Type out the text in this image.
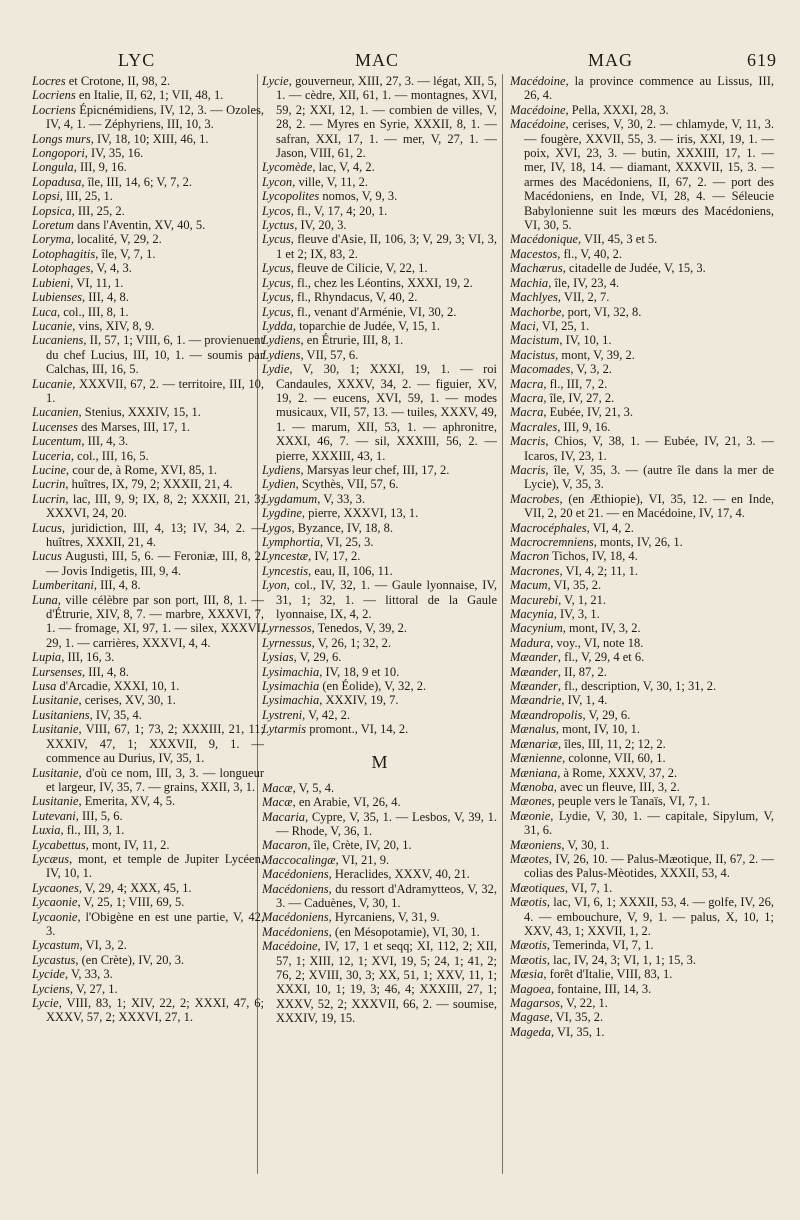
LYC	MAC	MAG	619

Locres et Crotone, II, 98, 2.

Locriens en Italie, II, 62, 1; VII, 48, 1.

Locriens Épicnémidiens, IV, 12, 3. — Ozoles, IV, 4, 1. — Zéphyriens, III, 10, 3.

Longs murs, IV, 18, 10; XIII, 46, 1.

Longopori, IV, 35, 16.

Longula, III, 9, 16.

Lopadusa, île, III, 14, 6; V, 7, 2.

Lopsi, III, 25, 1.

Lopsica, III, 25, 2.

Loretum dans l'Aventin, XV, 40, 5.

Loryma, localité, V, 29, 2.

Lotophagitis, île, V, 7, 1.

Lotophages, V, 4, 3.

Lubieni, VI, 11, 1.

Lubienses, III, 4, 8.

Luca, col., III, 8, 1.

Lucanie, vins, XIV, 8, 9.

Lucaniens, II, 57, 1; VIII, 6, 1. — provienuent du chef Lucius, III, 10, 1. — soumis par Calchas, III, 16, 5.

Lucanie, XXXVII, 67, 2. — territoire, III, 10, 1.

Lucanien, Stenius, XXXIV, 15, 1.

Lucenses des Marses, III, 17, 1.

Lucentum, III, 4, 3.

Luceria, col., III, 16, 5.

Lucine, cour de, à Rome, XVI, 85, 1.

Lucrin, huîtres, IX, 79, 2; XXXII, 21, 4.

Lucrin, lac, III, 9, 9; IX, 8, 2; XXXII, 21, 3; XXXVI, 24, 20.

Lucus, juridiction, III, 4, 13; IV, 34, 2. — huîtres, XXXII, 21, 4.

Lucus Augusti, III, 5, 6. — Feroniæ, III, 8, 2. — Jovis Indigetis, III, 9, 4.

Lumberitani, III, 4, 8.

Luna, ville célèbre par son port, III, 8, 1. — d'Étrurie, XIV, 8, 7. — marbre, XXXVI, 7, 1. — fromage, XI, 97, 1. — silex, XXXVI, 29, 1. — carrières, XXXVI, 4, 4.

Lupia, III, 16, 3.

Lursenses, III, 4, 8.

Lusa d'Arcadie, XXXI, 10, 1.

Lusitanie, cerises, XV, 30, 1.

Lusitaniens, IV, 35, 4.

Lusitanie, VIII, 67, 1; 73, 2; XXXIII, 21, 11; XXXIV, 47, 1; XXXVII, 9, 1. — commence au Durius, IV, 35, 1.

Lusitanie, d'où ce nom, III, 3, 3. — longueur et largeur, IV, 35, 7. — grains, XXII, 3, 1.

Lusitanie, Emerita, XV, 4, 5.

Lutevani, III, 5, 6.

Luxia, fl., III, 3, 1.

Lycabettus, mont, IV, 11, 2.

Lycæus, mont, et temple de Jupiter Lycéen, IV, 10, 1.

Lycaones, V, 29, 4; XXX, 45, 1.

Lycaonie, V, 25, 1; VIII, 69, 5.

Lycaonie, l'Obigène en est une partie, V, 42, 3.

Lycastum, VI, 3, 2.

Lycastus, (en Crète), IV, 20, 3.

Lycide, V, 33, 3.

Lyciens, V, 27, 1.

Lycie, VIII, 83, 1; XIV, 22, 2; XXXI, 47, 6; XXXV, 57, 2; XXXVI, 27, 1.

Lycie, gouverneur, XIII, 27, 3. — légat, XII, 5, 1. — cèdre, XII, 61, 1. — montagnes, XVI, 59, 2; XXI, 12, 1. — combien de villes, V, 28, 2. — Myres en Syrie, XXXII, 8, 1. — safran, XXI, 17, 1. — mer, V, 27, 1. — Jason, VIII, 61, 2.

Lycomède, lac, V, 4, 2.

Lycon, ville, V, 11, 2.

Lycopolites nomos, V, 9, 3.

Lycos, fl., V, 17, 4; 20, 1.

Lyctus, IV, 20, 3.

Lycus, fleuve d'Asie, II, 106, 3; V, 29, 3; VI, 3, 1 et 2; IX, 83, 2.

Lycus, fleuve de Cilicie, V, 22, 1.

Lycus, fl., chez les Léontins, XXXI, 19, 2.

Lycus, fl., Rhyndacus, V, 40, 2.

Lycus, fl., venant d'Arménie, VI, 30, 2.

Lydda, toparchie de Judée, V, 15, 1.

Lydiens, en Étrurie, III, 8, 1.

Lydiens, VII, 57, 6.

Lydie, V, 30, 1; XXXI, 19, 1. — roi Candaules, XXXV, 34, 2. — figuier, XV, 19, 2. — eucens, XVI, 59, 1. — modes musicaux, VII, 57, 13. — tuiles, XXXV, 49, 1. — marum, XII, 53, 1. — aphronitre, XXXI, 46, 7. — sil, XXXIII, 56, 2. — pierre, XXXIII, 43, 1.

Lydiens, Marsyas leur chef, III, 17, 2.

Lydien, Scythès, VII, 57, 6.

Lygdamum, V, 33, 3.

Lygdine, pierre, XXXVI, 13, 1.

Lygos, Byzance, IV, 18, 8.

Lymphortia, VI, 25, 3.

Lyncestæ, IV, 17, 2.

Lyncestis, eau, II, 106, 11.

Lyon, col., IV, 32, 1. — Gaule lyonnaise, IV, 31, 1; 32, 1. — littoral de la Gaule lyonnaise, IX, 4, 2.

Lyrnessos, Tenedos, V, 39, 2.

Lyrnessus, V, 26, 1; 32, 2.

Lysias, V, 29, 6.

Lysimachia, IV, 18, 9 et 10.

Lysimachia (en Éolide), V, 32, 2.

Lysimachia, XXXIV, 19, 7.

Lystreni, V, 42, 2.

Lytarmis promont., VI, 14, 2.

M

Macæ, V, 5, 4.

Macæ, en Arabie, VI, 26, 4.

Macaria, Cypre, V, 35, 1. — Lesbos, V, 39, 1. — Rhode, V, 36, 1.

Macaron, île, Crète, IV, 20, 1.

Maccocalingæ, VI, 21, 9.

Macédoniens, Heraclides, XXXV, 40, 21.

Macédoniens, du ressort d'Adramytteos, V, 32, 3. — Caduènes, V, 30, 1.

Macédoniens, Hyrcaniens, V, 31, 9.

Macédoniens, (en Mésopotamie), VI, 30, 1.

Macédoine, IV, 17, 1 et seqq; XI, 112, 2; XII, 57, 1; XIII, 12, 1; XVI, 19, 5; 24, 1; 41, 2; 76, 2; XVIII, 30, 3; XX, 51, 1; XXV, 11, 1; XXXI, 10, 1; 19, 3; 46, 4; XXXIII, 27, 1; XXXV, 52, 2; XXXVII, 66, 2. — soumise, XXXIV, 19, 15.

Macédoine, la province commence au Lissus, III, 26, 4.

Macédoine, Pella, XXXI, 28, 3.

Macédoine, cerises, V, 30, 2. — chlamyde, V, 11, 3. — fougère, XXVII, 55, 3. — iris, XXI, 19, 1. — poix, XVI, 23, 3. — butin, XXXIII, 17, 1. — mer, IV, 18, 14. — diamant, XXXVII, 15, 3. — armes des Macédoniens, II, 67, 2. — port des Macédoniens, en Inde, VI, 28, 4. — Séleucie Babylonienne suit les mœurs des Macédoniens, VI, 30, 5.

Macédonique, VII, 45, 3 et 5.

Macestos, fl., V, 40, 2.

Machærus, citadelle de Judée, V, 15, 3.

Machia, île, IV, 23, 4.

Machlyes, VII, 2, 7.

Machorbe, port, VI, 32, 8.

Maci, VI, 25, 1.

Macistum, IV, 10, 1.

Macistus, mont, V, 39, 2.

Macomades, V, 3, 2.

Macra, fl., III, 7, 2.

Macra, île, IV, 27, 2.

Macra, Eubée, IV, 21, 3.

Macrales, III, 9, 16.

Macris, Chios, V, 38, 1. — Eubée, IV, 21, 3. — Icaros, IV, 23, 1.

Macris, île, V, 35, 3. — (autre île dans la mer de Lycie), V, 35, 3.

Macrobes, (en Æthiopie), VI, 35, 12. — en Inde, VII, 2, 20 et 21. — en Macédoine, IV, 17, 4.

Macrocéphales, VI, 4, 2.

Macrocremniens, monts, IV, 26, 1.

Macron Tichos, IV, 18, 4.

Macrones, VI, 4, 2; 11, 1.

Macum, VI, 35, 2.

Macurebi, V, 1, 21.

Macynia, IV, 3, 1.

Macynium, mont, IV, 3, 2.

Madura, voy., VI, note 18.

Mæander, fl., V, 29, 4 et 6.

Mæander, II, 87, 2.

Mæander, fl., description, V, 30, 1; 31, 2.

Mæandrie, IV, 1, 4.

Mæandropolis, V, 29, 6.

Mænalus, mont, IV, 10, 1.

Mænariæ, îles, III, 11, 2; 12, 2.

Mænienne, colonne, VII, 60, 1.

Mæniana, à Rome, XXXV, 37, 2.

Mænoba, avec un fleuve, III, 3, 2.

Mæones, peuple vers le Tanaïs, VI, 7, 1.

Mæonie, Lydie, V, 30, 1. — capitale, Sipylum, V, 31, 6.

Mæoniens, V, 30, 1.

Mæotes, IV, 26, 10. — Palus-Mæotique, II, 67, 2. — colias des Palus-Mèotides, XXXII, 53, 4.

Mæotiques, VI, 7, 1.

Mæotis, lac, VI, 6, 1; XXXII, 53, 4. — golfe, IV, 26, 4. — embouchure, V, 9, 1. — palus, X, 10, 1; XXV, 43, 1; XXVII, 1, 2.

Mæotis, Temerinda, VI, 7, 1.

Mæotis, lac, IV, 24, 3; VI, 1, 1; 15, 3.

Mæsia, forêt d'Italie, VIII, 83, 1.

Magoea, fontaine, III, 14, 3.

Magarsos, V, 22, 1.

Magase, VI, 35, 2.

Mageda, VI, 35, 1.
